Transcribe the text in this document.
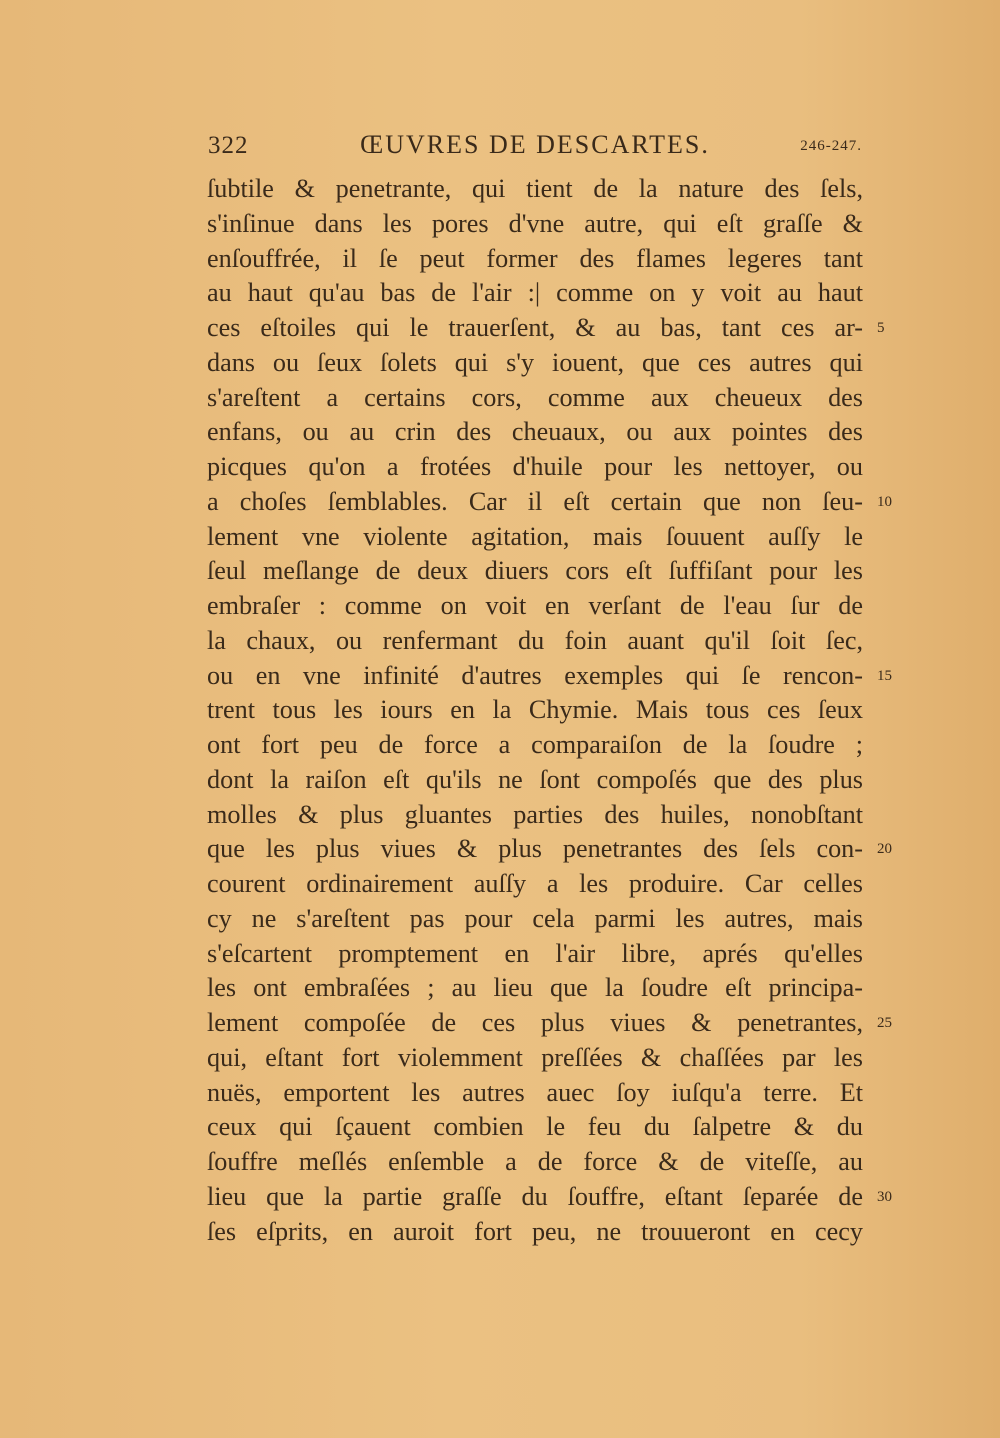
322	ŒUVRES DE DESCARTES.	246-247.
ſubtile & penetrante, qui tient de la nature des ſels,
s'inſinue dans les pores d'vne autre, qui eſt graſſe &
enſouffrée, il ſe peut former des flames legeres tant
au haut qu'au bas de l'air :| comme on y voit au haut
ces eſtoiles qui le trauerſent, & au bas, tant ces ar- 5
dans ou ſeux ſolets qui s'y iouent, que ces autres qui
s'areſtent a certains cors, comme aux cheueux des
enfans, ou au crin des cheuaux, ou aux pointes des
picques qu'on a frotées d'huile pour les nettoyer, ou
a choſes ſemblables. Car il eſt certain que non ſeu- 10
lement vne violente agitation, mais ſouuent auſſy le
ſeul meſlange de deux diuers cors eſt ſuffiſant pour les
embraſer : comme on voit en verſant de l'eau ſur de
la chaux, ou renfermant du foin auant qu'il ſoit ſec,
ou en vne infinité d'autres exemples qui ſe rencon- 15
trent tous les iours en la Chymie. Mais tous ces ſeux
ont fort peu de force a comparaiſon de la ſoudre ;
dont la raiſon eſt qu'ils ne ſont compoſés que des plus
molles & plus gluantes parties des huiles, nonobſtant
que les plus viues & plus penetrantes des ſels con- 20
courent ordinairement auſſy a les produire. Car celles
cy ne s'areſtent pas pour cela parmi les autres, mais
s'eſcartent promptement en l'air libre, aprés qu'elles
les ont embraſées ; au lieu que la ſoudre eſt principa-
lement compoſée de ces plus viues & penetrantes, 25
qui, eſtant fort violemment preſſées & chaſſées par les
nuës, emportent les autres auec ſoy iuſqu'a terre. Et
ceux qui ſçauent combien le feu du ſalpetre & du
ſouffre meſlés enſemble a de force & de viteſſe, au
lieu que la partie graſſe du ſouffre, eſtant ſeparée de 30
ſes eſprits, en auroit fort peu, ne trouueront en cecy
